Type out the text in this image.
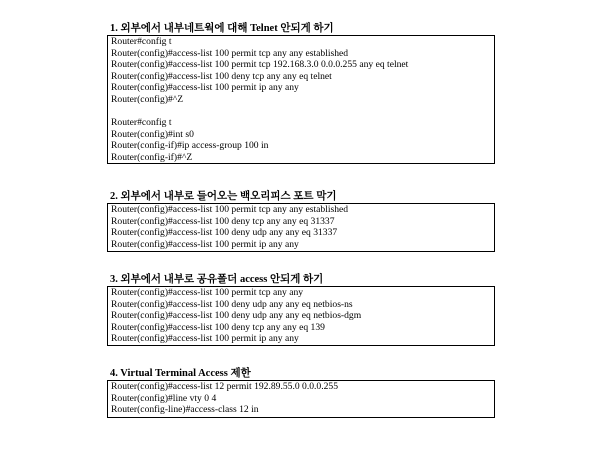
1. 외부에서 내부네트웍에 대해 Telnet 안되게 하기
Router#config t
Router(config)#access-list 100 permit tcp any any established
Router(config)#access-list 100 permit tcp 192.168.3.0 0.0.0.255 any eq telnet
Router(config)#access-list 100 deny tcp any any eq telnet
Router(config)#access-list 100 permit ip any any
Router(config)#^Z
Router#config t
Router(config)#int s0
Router(config-if)#ip access-group 100 in
Router(config-if)#^Z
2. 외부에서 내부로 들어오는 백오리피스 포트 막기
Router(config)#access-list 100 permit tcp any any established
Router(config)#access-list 100 deny tcp any any eq 31337
Router(config)#access-list 100 deny udp any any eq 31337
Router(config)#access-list 100 permit ip any any
3. 외부에서 내부로 공유폴더 access 안되게 하기
Router(config)#access-list 100 permit tcp any any
Router(config)#access-list 100 deny udp any any eq netbios-ns
Router(config)#access-list 100 deny udp any any eq netbios-dgm
Router(config)#access-list 100 deny tcp any any eq 139
Router(config)#access-list 100 permit ip any any
4. Virtual Terminal Access 제한
Router(config)#access-list 12 permit 192.89.55.0 0.0.0.255
Router(config)#line vty 0 4
Router(config-line)#access-class 12 in
